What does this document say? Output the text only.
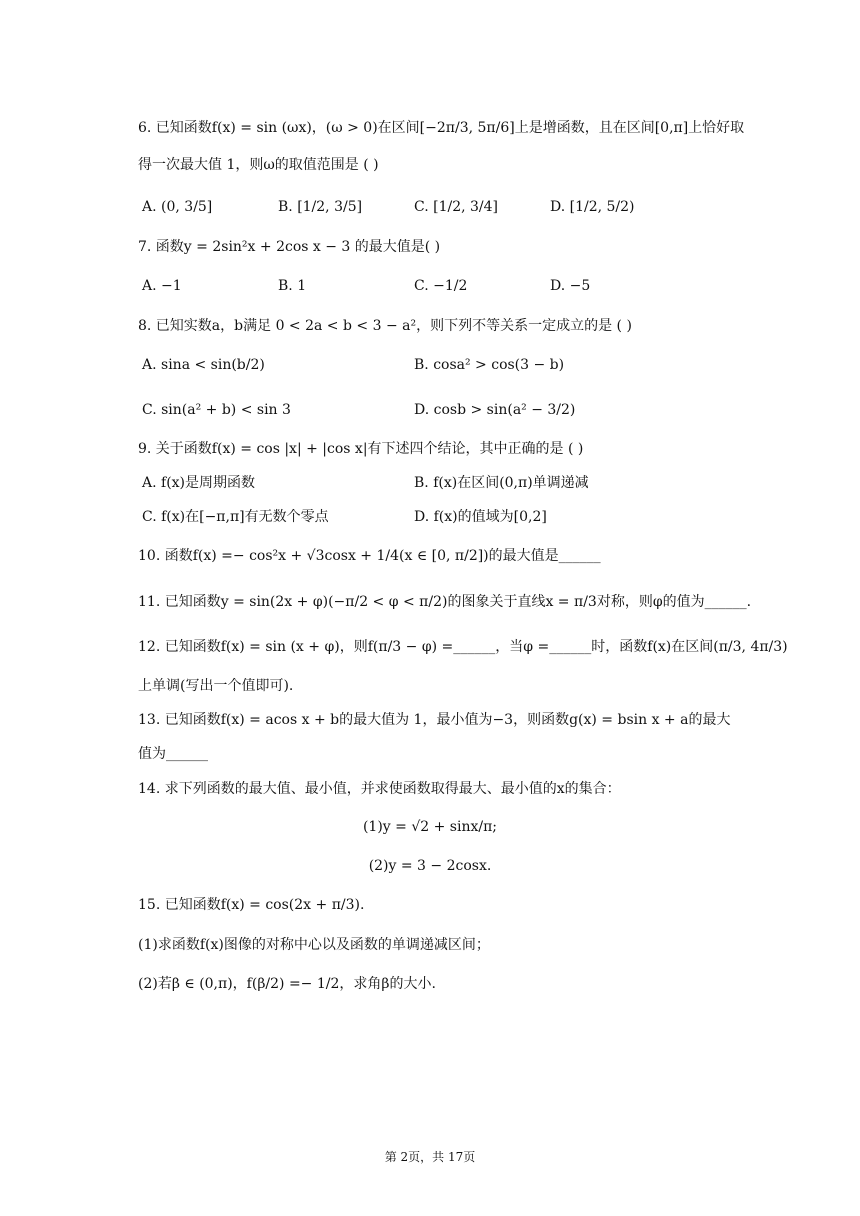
6. 已知函数f(x) = sin (ωx)，(ω > 0)在区间[−2π/3, 5π/6]上是增函数，且在区间[0,π]上恰好取
得一次最大值 1，则ω的取值范围是 ( )
A. (0, 3/5]	B. [1/2, 3/5]	C. [1/2, 3/4]	D. [1/2, 5/2)
7. 函数y = 2sin²x + 2cos x − 3 的最大值是( )
A. −1	B. 1	C. −1/2	D. −5
8. 已知实数a，b满足 0 < 2a < b < 3 − a²，则下列不等关系一定成立的是 ( )
A. sina < sin(b/2)	B. cosa² > cos(3 − b)
C. sin(a² + b) < sin 3	D. cosb > sin(a² − 3/2)
9. 关于函数f(x) = cos |x| + |cos x|有下述四个结论，其中正确的是 ( )
A. f(x)是周期函数	B. f(x)在区间(0,π)单调递减
C. f(x)在[−π,π]有无数个零点	D. f(x)的值域为[0,2]
10. 函数f(x) =− cos²x + √3cosx + 1/4(x ∈ [0, π/2])的最大值是______
11. 已知函数y = sin(2x + φ)(−π/2 < φ < π/2)的图象关于直线x = π/3对称，则φ的值为______.
12. 已知函数f(x) = sin (x + φ)，则f(π/3 − φ) =______，当φ =______时，函数f(x)在区间(π/3, 4π/3)
上单调(写出一个值即可).
13. 已知函数f(x) = acos x + b的最大值为 1，最小值为−3，则函数g(x) = bsin x + a的最大
值为______
14. 求下列函数的最大值、最小值，并求使函数取得最大、最小值的x的集合：
(1)y = √2 + sinx/π;
(2)y = 3 − 2cosx.
15. 已知函数f(x) = cos(2x + π/3).
(1)求函数f(x)图像的对称中心以及函数的单调递减区间；
(2)若β ∈ (0,π)，f(β/2) =− 1/2，求角β的大小.
第 2页，共 17页
